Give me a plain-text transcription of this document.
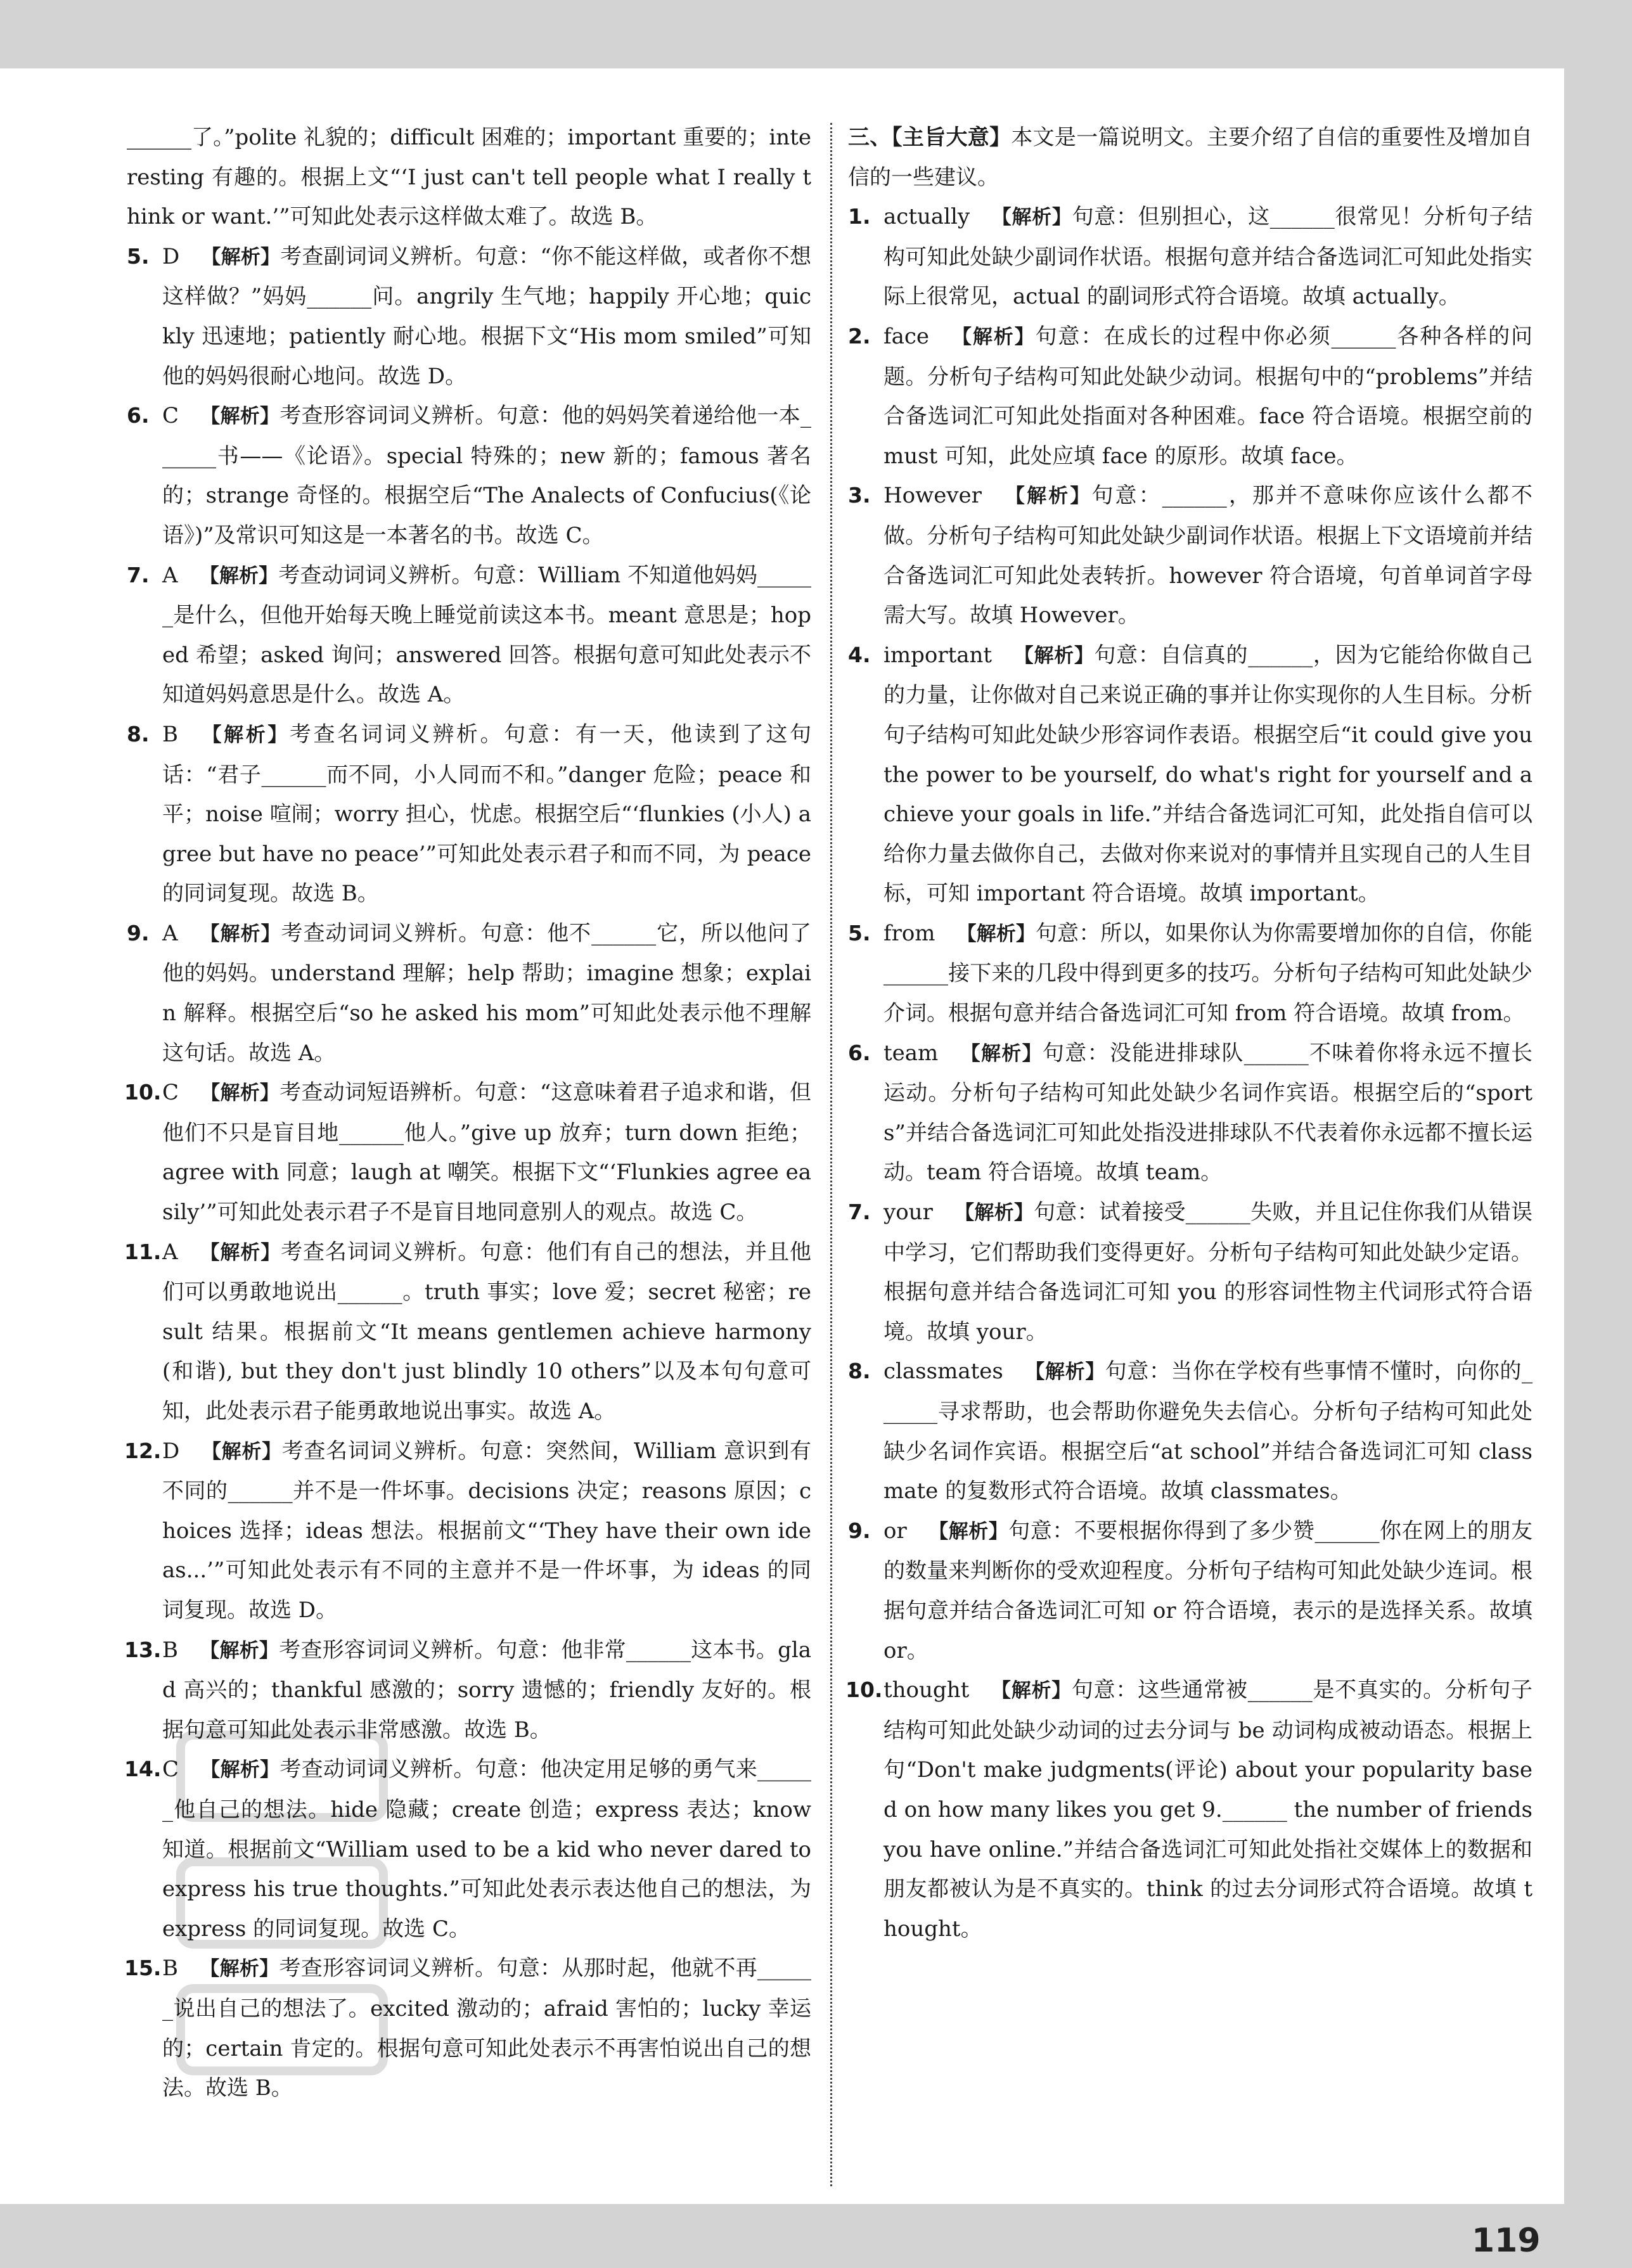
______了。”polite 礼貌的；difficult 困难的；important 重要的；interesting 有趣的。根据上文“‘I just can't tell people what I really think or want.’”可知此处表示这样做太难了。故选 B。
5. D  【解析】考查副词词义辨析。句意：“你不能这样做，或者你不想这样做？”妈妈______问。angrily 生气地；happily 开心地；quickly 迅速地；patiently 耐心地。根据下文“His mom smiled”可知他的妈妈很耐心地问。故选 D。
6. C  【解析】考查形容词词义辨析。句意：他的妈妈笑着递给他一本______书——《论语》。special 特殊的；new 新的；famous 著名的；strange 奇怪的。根据空后“The Analects of Confucius(《论语》)”及常识可知这是一本著名的书。故选 C。
7. A  【解析】考查动词词义辨析。句意：William 不知道他妈妈______是什么，但他开始每天晚上睡觉前读这本书。meant 意思是；hoped 希望；asked 询问；answered 回答。根据句意可知此处表示不知道妈妈意思是什么。故选 A。
8. B  【解析】考查名词词义辨析。句意：有一天，他读到了这句话：“君子______而不同，小人同而不和。”danger 危险；peace 和平；noise 喧闹；worry 担心，忧虑。根据空后“‘flunkies (小人) agree but have no peace’”可知此处表示君子和而不同，为 peace 的同词复现。故选 B。
9. A  【解析】考查动词词义辨析。句意：他不______它，所以他问了他的妈妈。understand 理解；help 帮助；imagine 想象；explain 解释。根据空后“so he asked his mom”可知此处表示他不理解这句话。故选 A。
10. C  【解析】考查动词短语辨析。句意：“这意味着君子追求和谐，但他们不只是盲目地______他人。”give up 放弃；turn down 拒绝；agree with 同意；laugh at 嘲笑。根据下文“‘Flunkies agree easily’”可知此处表示君子不是盲目地同意别人的观点。故选 C。
11. A  【解析】考查名词词义辨析。句意：他们有自己的想法，并且他们可以勇敢地说出______。truth 事实；love 爱；secret 秘密；result 结果。根据前文“It means gentlemen achieve harmony(和谐), but they don't just blindly 10 others”以及本句句意可知，此处表示君子能勇敢地说出事实。故选 A。
12. D  【解析】考查名词词义辨析。句意：突然间，William 意识到有不同的______并不是一件坏事。decisions 决定；reasons 原因；choices 选择；ideas 想法。根据前文“‘They have their own ideas...’”可知此处表示有不同的主意并不是一件坏事，为 ideas 的同词复现。故选 D。
13. B  【解析】考查形容词词义辨析。句意：他非常______这本书。glad 高兴的；thankful 感激的；sorry 遗憾的；friendly 友好的。根据句意可知此处表示非常感激。故选 B。
14. C  【解析】考查动词词义辨析。句意：他决定用足够的勇气来______他自己的想法。hide 隐藏；create 创造；express 表达；know 知道。根据前文“William used to be a kid who never dared to express his true thoughts.”可知此处表示表达他自己的想法，为 express 的同词复现。故选 C。
15. B  【解析】考查形容词词义辨析。句意：从那时起，他就不再______说出自己的想法了。excited 激动的；afraid 害怕的；lucky 幸运的；certain 肯定的。根据句意可知此处表示不再害怕说出自己的想法。故选 B。
三、【主旨大意】本文是一篇说明文。主要介绍了自信的重要性及增加自信的一些建议。
1. actually  【解析】句意：但别担心，这______很常见！分析句子结构可知此处缺少副词作状语。根据句意并结合备选词汇可知此处指实际上很常见，actual 的副词形式符合语境。故填 actually。
2. face  【解析】句意：在成长的过程中你必须______各种各样的问题。分析句子结构可知此处缺少动词。根据句中的“problems”并结合备选词汇可知此处指面对各种困难。face 符合语境。根据空前的 must 可知，此处应填 face 的原形。故填 face。
3. However  【解析】句意：______，那并不意味你应该什么都不做。分析句子结构可知此处缺少副词作状语。根据上下文语境前并结合备选词汇可知此处表转折。however 符合语境，句首单词首字母需大写。故填 However。
4. important  【解析】句意：自信真的______，因为它能给你做自己的力量，让你做对自己来说正确的事并让你实现你的人生目标。分析句子结构可知此处缺少形容词作表语。根据空后“it could give you the power to be yourself, do what's right for yourself and achieve your goals in life.”并结合备选词汇可知，此处指自信可以给你力量去做你自己，去做对你来说对的事情并且实现自己的人生目标，可知 important 符合语境。故填 important。
5. from  【解析】句意：所以，如果你认为你需要增加你的自信，你能______接下来的几段中得到更多的技巧。分析句子结构可知此处缺少介词。根据句意并结合备选词汇可知 from 符合语境。故填 from。
6. team  【解析】句意：没能进排球队______不味着你将永远不擅长运动。分析句子结构可知此处缺少名词作宾语。根据空后的“sports”并结合备选词汇可知此处指没进排球队不代表着你永远都不擅长运动。team 符合语境。故填 team。
7. your  【解析】句意：试着接受______失败，并且记住你我们从错误中学习，它们帮助我们变得更好。分析句子结构可知此处缺少定语。根据句意并结合备选词汇可知 you 的形容词性物主代词形式符合语境。故填 your。
8. classmates  【解析】句意：当你在学校有些事情不懂时，向你的______寻求帮助，也会帮助你避免失去信心。分析句子结构可知此处缺少名词作宾语。根据空后“at school”并结合备选词汇可知 classmate 的复数形式符合语境。故填 classmates。
9. or  【解析】句意：不要根据你得到了多少赞______你在网上的朋友的数量来判断你的受欢迎程度。分析句子结构可知此处缺少连词。根据句意并结合备选词汇可知 or 符合语境，表示的是选择关系。故填 or。
10. thought  【解析】句意：这些通常被______是不真实的。分析句子结构可知此处缺少动词的过去分词与 be 动词构成被动语态。根据上句“Don't make judgments(评论) about your popularity based on how many likes you get 9.______ the number of friends you have online.”并结合备选词汇可知此处指社交媒体上的数据和朋友都被认为是不真实的。think 的过去分词形式符合语境。故填 thought。
119
